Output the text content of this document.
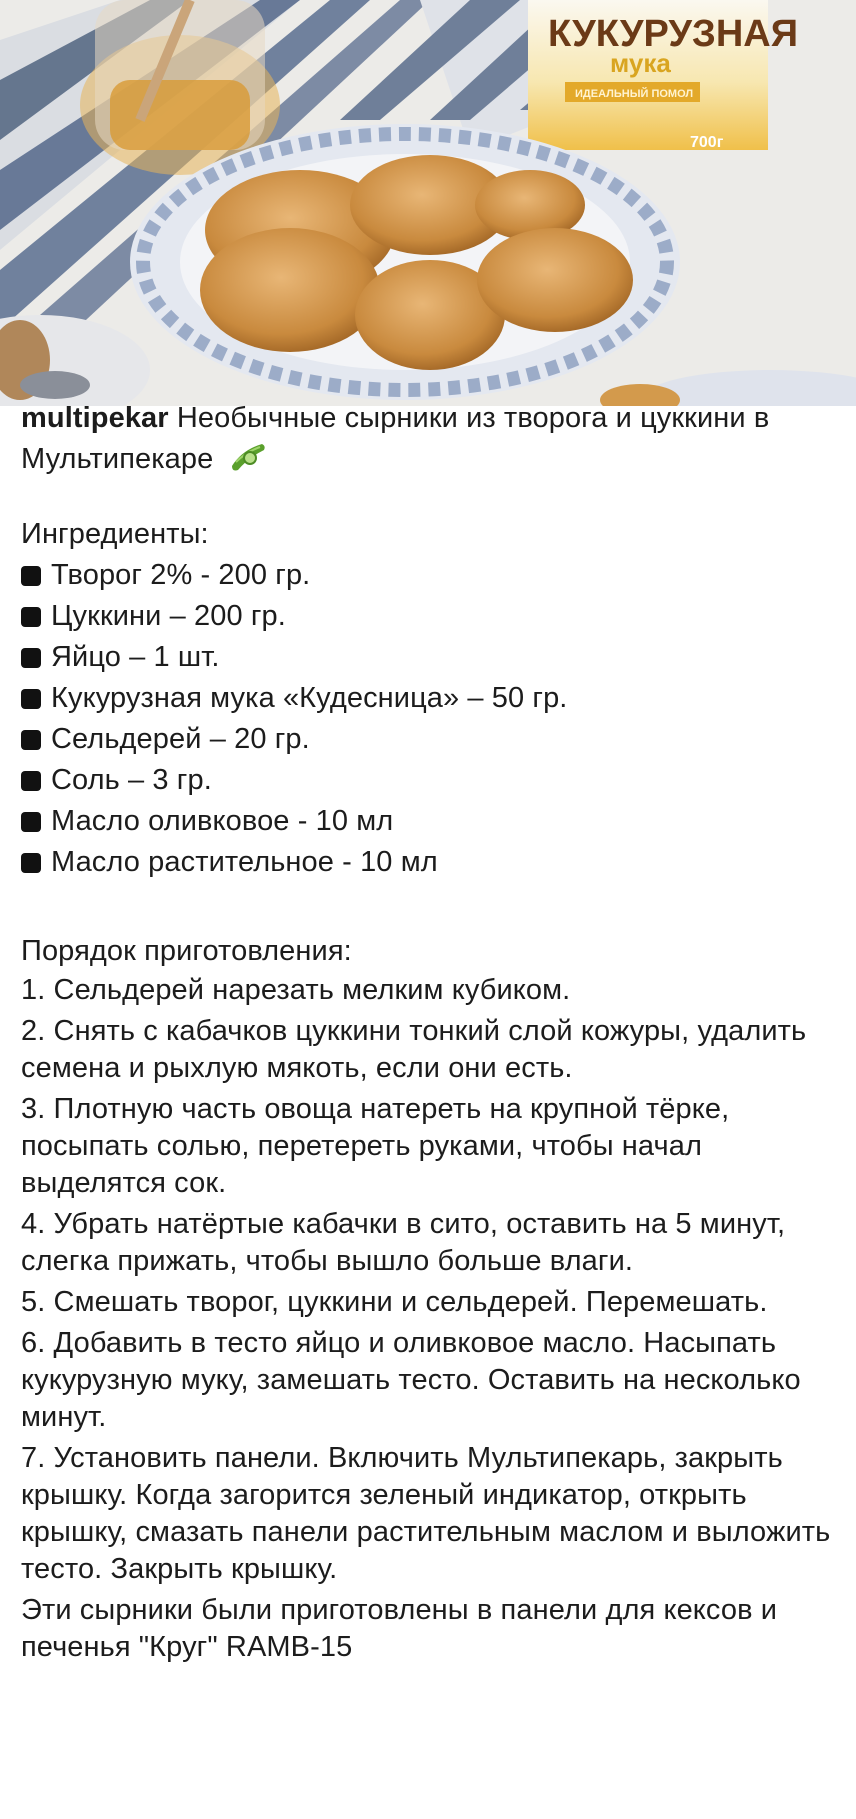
КУКУРУЗНАЯ
мука
ИДЕАЛЬНЫЙ ПОМОЛ
700г

multipekar Необычные сырники из творога и цуккини в Мультипекаре

Ингредиенты:

Творог 2% - 200 гр.

Цуккини – 200 гр.

Яйцо – 1 шт.

Кукурузная мука «Кудесница» – 50 гр.

Сельдерей – 20 гр.

Соль – 3 гр.

Масло оливковое - 10 мл

Масло растительное - 10 мл

Порядок приготовления:

1. Сельдерей нарезать мелким кубиком.

2. Снять с кабачков цуккини тонкий слой кожуры, удалить семена и рыхлую мякоть, если они есть.

3. Плотную часть овоща натереть на крупной тёрке, посыпать солью, перетереть руками, чтобы начал выделятся сок.

4. Убрать натёртые кабачки в сито, оставить на 5 минут, слегка прижать, чтобы вышло больше влаги.

5. Смешать творог, цуккини и сельдерей. Перемешать.

6. Добавить в тесто яйцо и оливковое масло. Насыпать кукурузную муку, замешать тесто. Оставить на несколько минут.

7. Установить панели. Включить Мультипекарь, закрыть крышку. Когда загорится зеленый индикатор, открыть крышку, смазать панели растительным маслом и выложить тесто. Закрыть крышку.

Эти сырники были приготовлены в панели для кексов и печенья "Круг" RAMB-15
